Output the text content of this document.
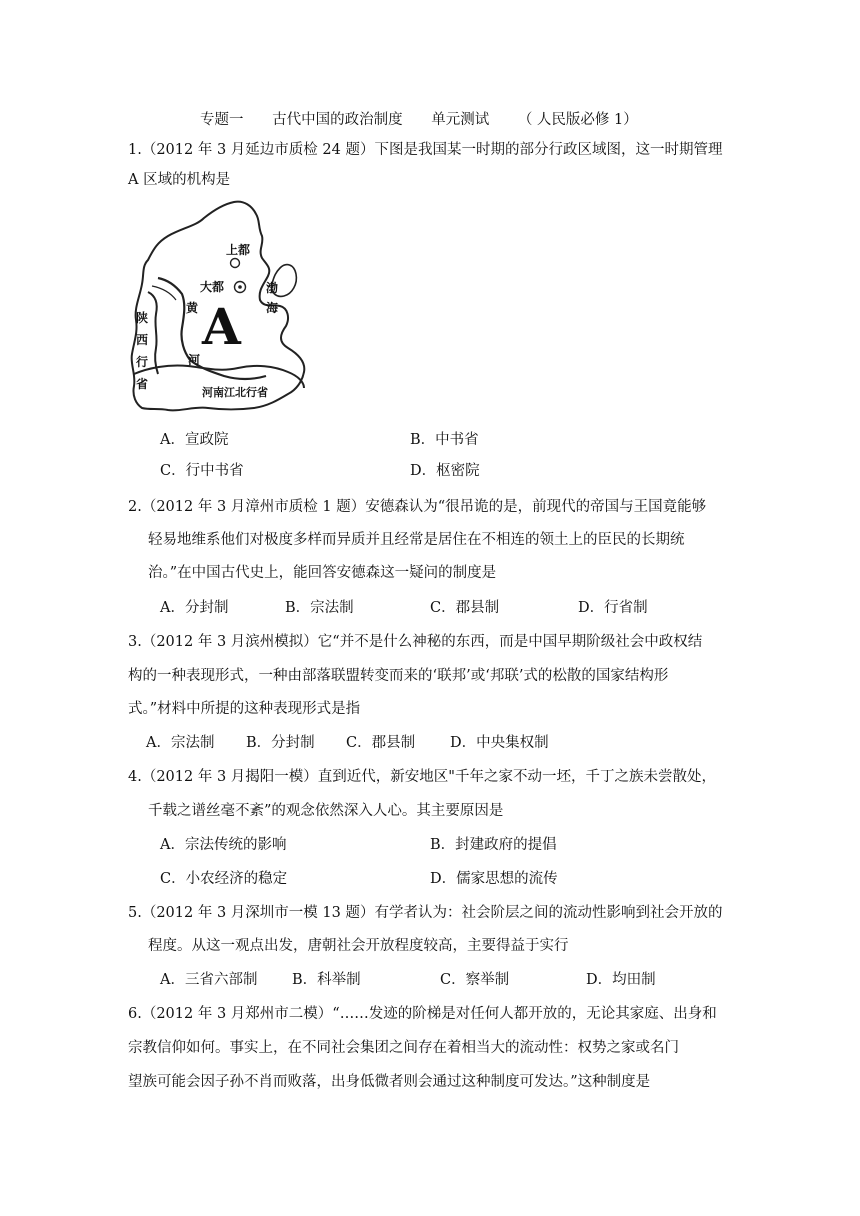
专题一 古代中国的政治制度 单元测试 （ 人民版必修 1）
1.（2012 年 3 月延边市质检 24 题）下图是我国某一时期的部分行政区域图，这一时期管理
A 区域的机构是
上都
大都
A
黄
河
渤
海
陕
西
行
省
河南江北行省
A．宣政院	B．中书省
C．行中书省	D．枢密院
2.（2012 年 3 月漳州市质检 1 题）安德森认为“很吊诡的是，前现代的帝国与王国竟能够
轻易地维系他们对极度多样而异质并且经常是居住在不相连的领土上的臣民的长期统
治。”在中国古代史上，能回答安德森这一疑问的制度是
A．分封制	B．宗法制	C．郡县制	D．行省制
3.（2012 年 3 月滨州模拟）它“并不是什么神秘的东西，而是中国早期阶级社会中政权结
构的一种表现形式，一种由部落联盟转变而来的‘联邦’或‘邦联’式的松散的国家结构形
式。”材料中所提的这种表现形式是指
A．宗法制 B．分封制 C．郡县制 D．中央集权制
4.（2012 年 3 月揭阳一模）直到近代，新安地区"千年之家不动一坯，千丁之族未尝散处，
千载之谱丝毫不紊”的观念依然深入人心。其主要原因是
A．宗法传统的影响	B．封建政府的提倡
C．小农经济的稳定	D．儒家思想的流传
5.（2012 年 3 月深圳市一模 13 题）有学者认为：社会阶层之间的流动性影响到社会开放的
程度。从这一观点出发，唐朝社会开放程度较高，主要得益于实行
A．三省六部制 B．科举制	C．察举制	D．均田制
6.（2012 年 3 月郑州市二模）“……发迹的阶梯是对任何人都开放的，无论其家庭、出身和
宗教信仰如何。事实上，在不同社会集团之间存在着相当大的流动性：权势之家或名门
望族可能会因子孙不肖而败落，出身低微者则会通过这种制度可发达。”这种制度是
